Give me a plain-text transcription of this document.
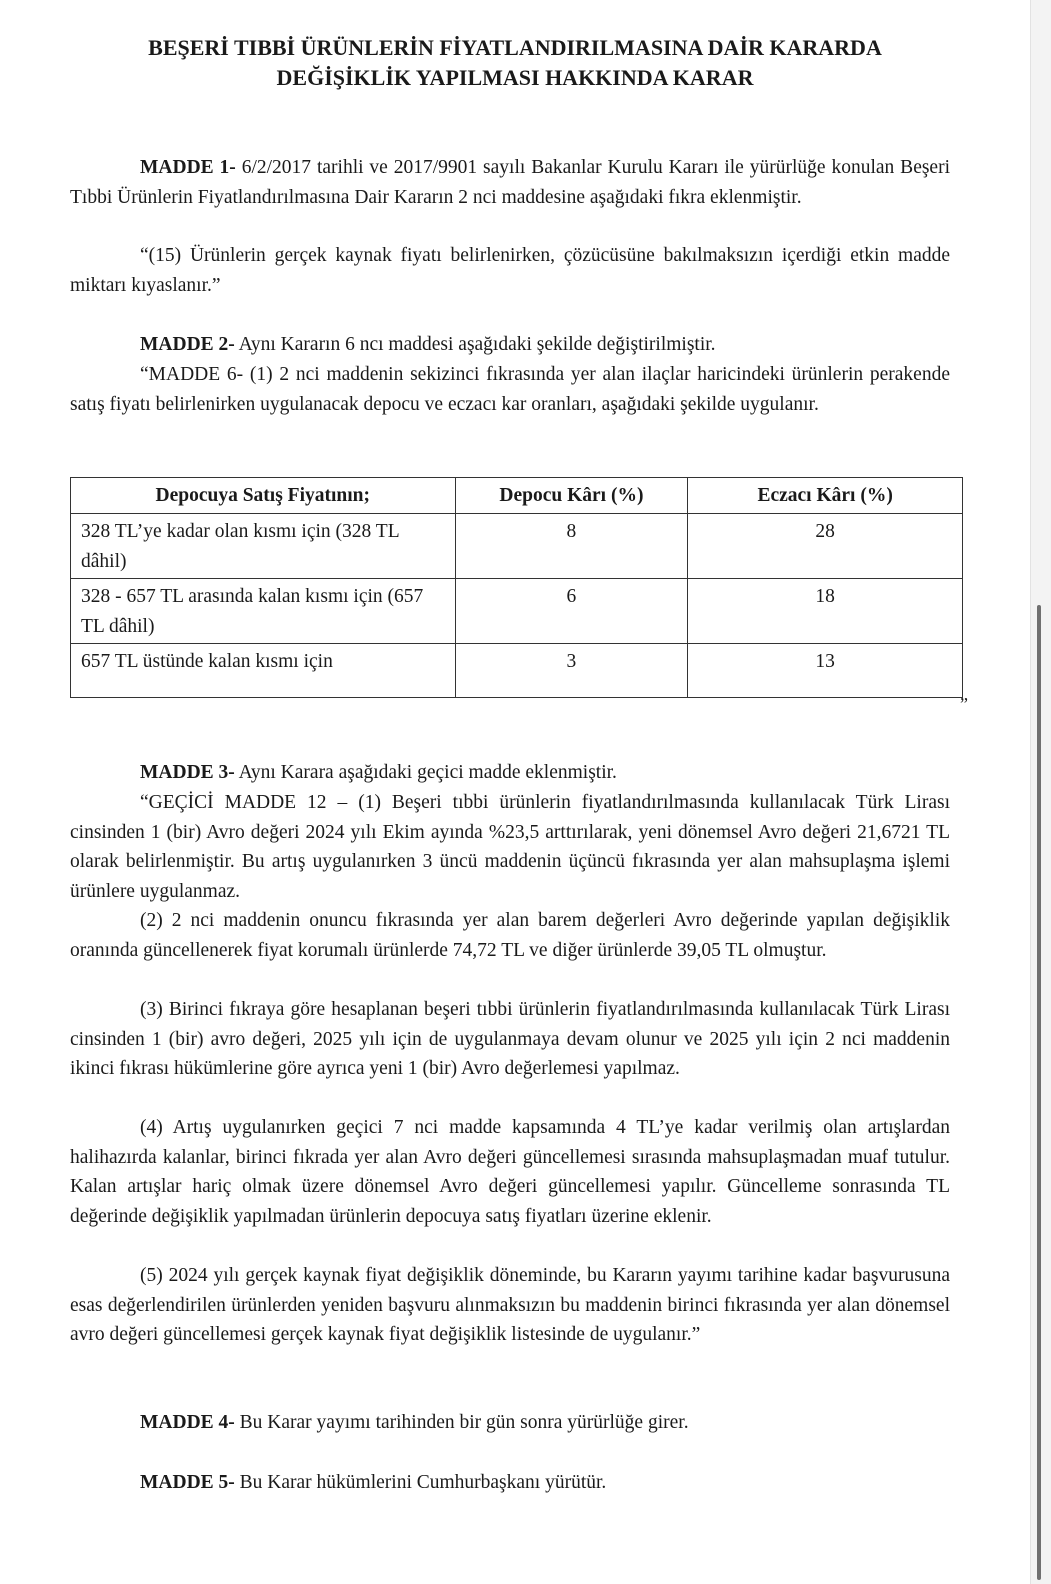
BEŞERİ TIBBİ ÜRÜNLERİN FİYATLANDIRILMASINA DAİR KARARDA
DEĞİŞİKLİK YAPILMASI HAKKINDA KARAR

MADDE 1- 6/2/2017 tarihli ve 2017/9901 sayılı Bakanlar Kurulu Kararı ile yürürlüğe konulan Beşeri Tıbbi Ürünlerin Fiyatlandırılmasına Dair Kararın 2 nci maddesine aşağıdaki fıkra eklenmiştir.

“(15) Ürünlerin gerçek kaynak fiyatı belirlenirken, çözücüsüne bakılmaksızın içerdiği etkin madde miktarı kıyaslanır.”

MADDE 2- Aynı Kararın 6 ncı maddesi aşağıdaki şekilde değiştirilmiştir.

“MADDE 6- (1) 2 nci maddenin sekizinci fıkrasında yer alan ilaçlar haricindeki ürünlerin perakende satış fiyatı belirlenirken uygulanacak depocu ve eczacı kar oranları, aşağıdaki şekilde uygulanır.

Depocuya Satış Fiyatının;	Depocu Kârı (%)	Eczacı Kârı (%)
328 TL’ye kadar olan kısmı için (328 TL dâhil)	8	28
328 - 657 TL arasında kalan kısmı için (657 TL dâhil)	6	18
657 TL üstünde kalan kısmı için	3	13
”

MADDE 3- Aynı Karara aşağıdaki geçici madde eklenmiştir.

“GEÇİCİ MADDE 12 – (1) Beşeri tıbbi ürünlerin fiyatlandırılmasında kullanılacak Türk Lirası cinsinden 1 (bir) Avro değeri 2024 yılı Ekim ayında %23,5 arttırılarak, yeni dönemsel Avro değeri 21,6721 TL olarak belirlenmiştir. Bu artış uygulanırken 3 üncü maddenin üçüncü fıkrasında yer alan mahsuplaşma işlemi ürünlere uygulanmaz.

(2) 2 nci maddenin onuncu fıkrasında yer alan barem değerleri Avro değerinde yapılan değişiklik oranında güncellenerek fiyat korumalı ürünlerde 74,72 TL ve diğer ürünlerde 39,05 TL olmuştur.

(3) Birinci fıkraya göre hesaplanan beşeri tıbbi ürünlerin fiyatlandırılmasında kullanılacak Türk Lirası cinsinden 1 (bir) avro değeri, 2025 yılı için de uygulanmaya devam olunur ve 2025 yılı için 2 nci maddenin ikinci fıkrası hükümlerine göre ayrıca yeni 1 (bir) Avro değerlemesi yapılmaz.

(4) Artış uygulanırken geçici 7 nci madde kapsamında 4 TL’ye kadar verilmiş olan artışlardan halihazırda kalanlar, birinci fıkrada yer alan Avro değeri güncellemesi sırasında mahsuplaşmadan muaf tutulur. Kalan artışlar hariç olmak üzere dönemsel Avro değeri güncellemesi yapılır. Güncelleme sonrasında TL değerinde değişiklik yapılmadan ürünlerin depocuya satış fiyatları üzerine eklenir.

(5) 2024 yılı gerçek kaynak fiyat değişiklik döneminde, bu Kararın yayımı tarihine kadar başvurusuna esas değerlendirilen ürünlerden yeniden başvuru alınmaksızın bu maddenin birinci fıkrasında yer alan dönemsel avro değeri güncellemesi gerçek kaynak fiyat değişiklik listesinde de uygulanır.”

MADDE 4- Bu Karar yayımı tarihinden bir gün sonra yürürlüğe girer.

MADDE 5- Bu Karar hükümlerini Cumhurbaşkanı yürütür.
